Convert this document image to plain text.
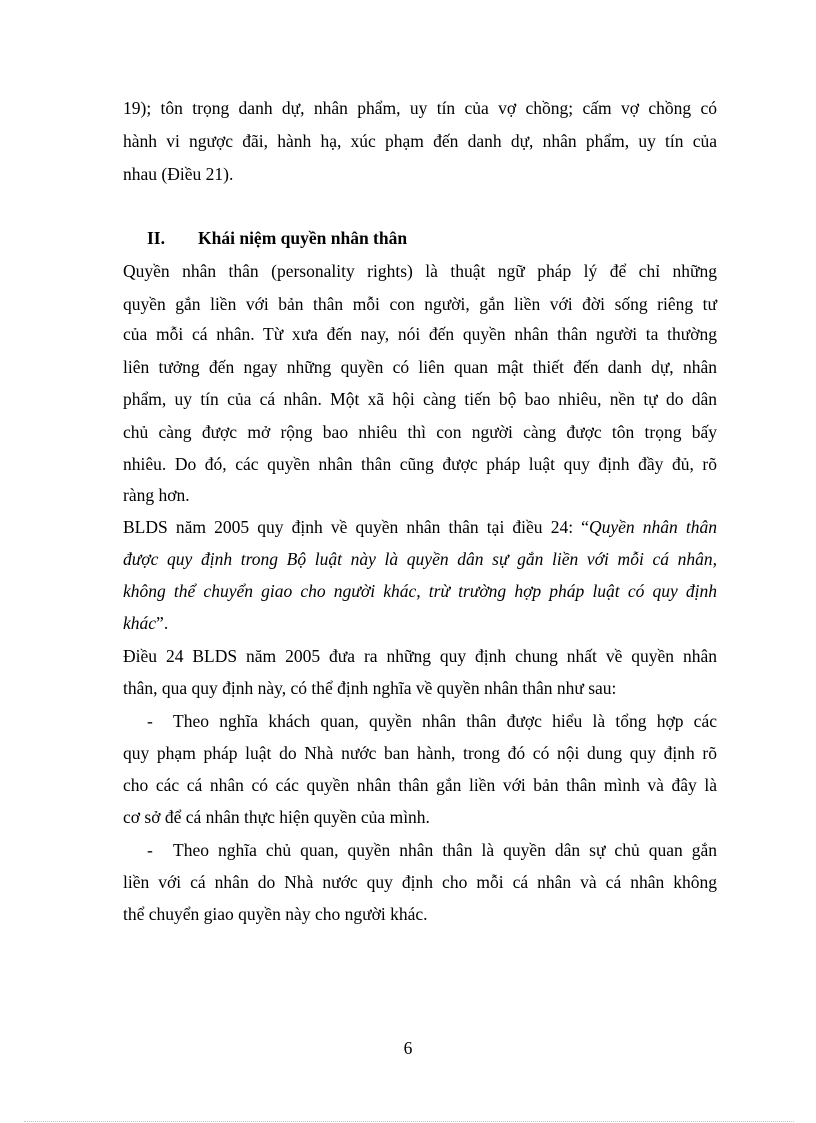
19); tôn trọng danh dự, nhân phẩm, uy tín của vợ chồng; cấm vợ chồng có
hành vi ngược đãi, hành hạ, xúc phạm đến danh dự, nhân phẩm, uy tín của
nhau (Điều 21).
II. Khái niệm quyền nhân thân
Quyền nhân thân (personality rights) là thuật ngữ pháp lý để chỉ những
quyền gắn liền với bản thân mỗi con người, gắn liền với đời sống riêng tư
của mỗi cá nhân. Từ xưa đến nay, nói đến quyền nhân thân người ta thường
liên tưởng đến ngay những quyền có liên quan mật thiết đến danh dự, nhân
phẩm, uy tín của cá nhân. Một xã hội càng tiến bộ bao nhiêu, nền tự do dân
chủ càng được mở rộng bao nhiêu thì con người càng được tôn trọng bấy
nhiêu. Do đó, các quyền nhân thân cũng được pháp luật quy định đầy đủ, rõ
ràng hơn.
BLDS năm 2005 quy định về quyền nhân thân tại điều 24: “Quyền nhân thân
được quy định trong Bộ luật này là quyền dân sự gắn liền với mỗi cá nhân,
không thể chuyển giao cho người khác, trừ trường hợp pháp luật có quy định
khác”.
Điều 24 BLDS năm 2005 đưa ra những quy định chung nhất về quyền nhân
thân, qua quy định này, có thể định nghĩa về quyền nhân thân như sau:
- Theo nghĩa khách quan, quyền nhân thân được hiểu là tổng hợp các
quy phạm pháp luật do Nhà nước ban hành, trong đó có nội dung quy định rõ
cho các cá nhân có các quyền nhân thân gắn liền với bản thân mình và đây là
cơ sở để cá nhân thực hiện quyền của mình.
- Theo nghĩa chủ quan, quyền nhân thân là quyền dân sự chủ quan gắn
liền với cá nhân do Nhà nước quy định cho mỗi cá nhân và cá nhân không
thể chuyển giao quyền này cho người khác.
6
